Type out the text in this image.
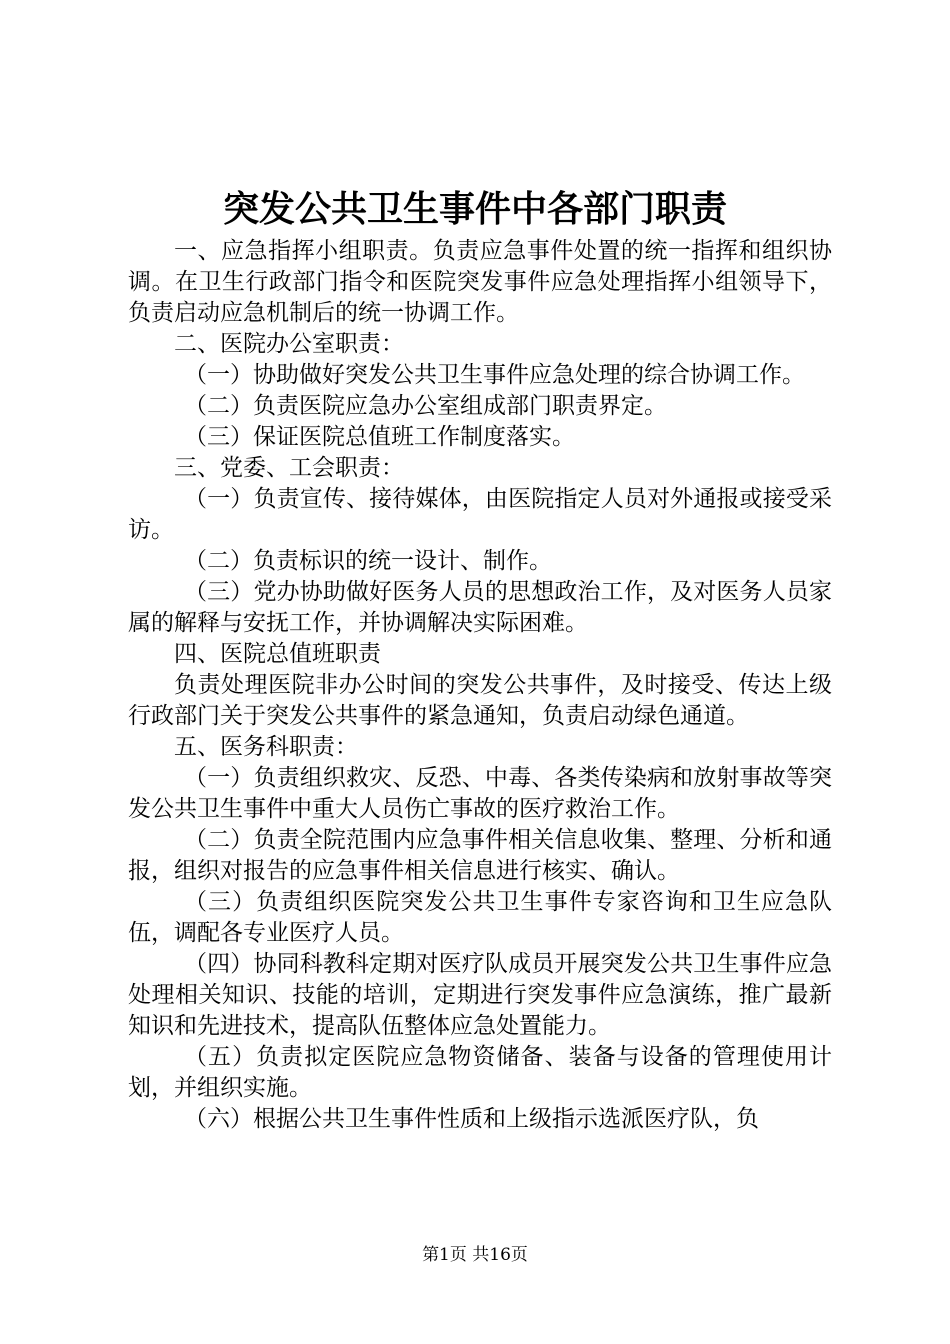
突发公共卫生事件中各部门职责

一、应急指挥小组职责。负责应急事件处置的统一指挥和组织协调。在卫生行政部门指令和医院突发事件应急处理指挥小组领导下，负责启动应急机制后的统一协调工作。

二、医院办公室职责：

（一）协助做好突发公共卫生事件应急处理的综合协调工作。

（二）负责医院应急办公室组成部门职责界定。

（三）保证医院总值班工作制度落实。

三、党委、工会职责：

（一）负责宣传、接待媒体，由医院指定人员对外通报或接受采访。

（二）负责标识的统一设计、制作。

（三）党办协助做好医务人员的思想政治工作，及对医务人员家属的解释与安抚工作，并协调解决实际困难。

四、医院总值班职责

负责处理医院非办公时间的突发公共事件，及时接受、传达上级行政部门关于突发公共事件的紧急通知，负责启动绿色通道。

五、医务科职责：

（一）负责组织救灾、反恐、中毒、各类传染病和放射事故等突发公共卫生事件中重大人员伤亡事故的医疗救治工作。

（二）负责全院范围内应急事件相关信息收集、整理、分析和通报，组织对报告的应急事件相关信息进行核实、确认。

（三）负责组织医院突发公共卫生事件专家咨询和卫生应急队伍，调配各专业医疗人员。

（四）协同科教科定期对医疗队成员开展突发公共卫生事件应急处理相关知识、技能的培训，定期进行突发事件应急演练，推广最新知识和先进技术，提高队伍整体应急处置能力。

（五）负责拟定医院应急物资储备、装备与设备的管理使用计划，并组织实施。

（六）根据公共卫生事件性质和上级指示选派医疗队，负

第1页 共16页
